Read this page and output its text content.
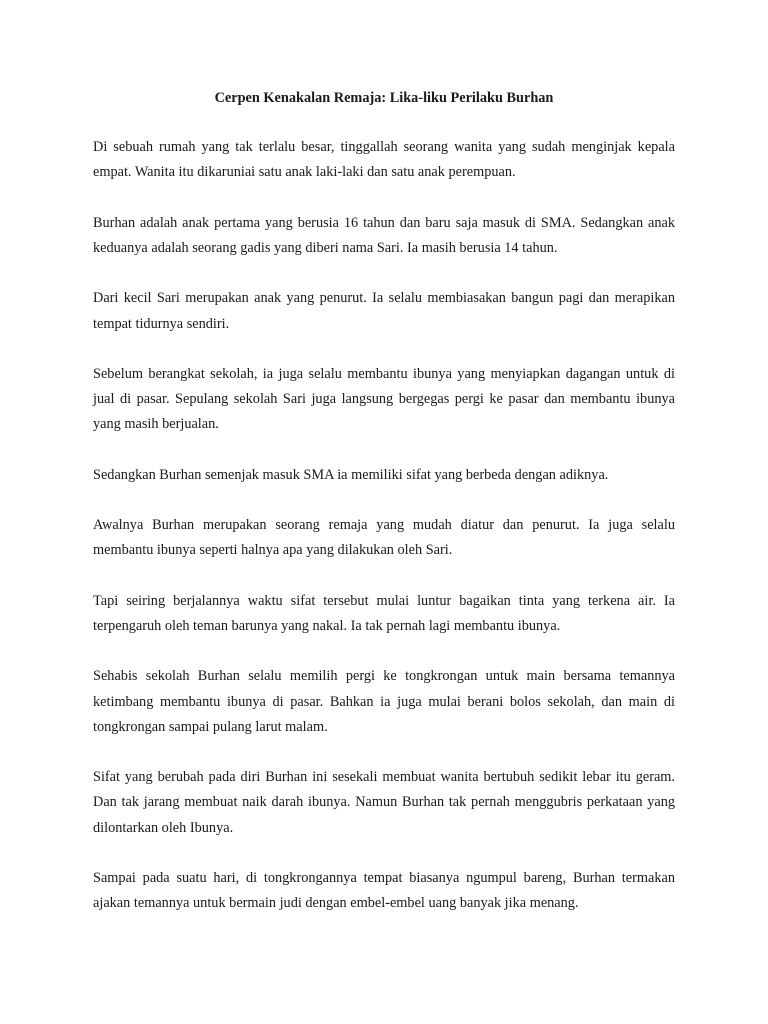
Cerpen Kenakalan Remaja: Lika-liku Perilaku Burhan

Di sebuah rumah yang tak terlalu besar, tinggallah seorang wanita yang sudah menginjak kepala empat. Wanita itu dikaruniai satu anak laki-laki dan satu anak perempuan.

Burhan adalah anak pertama yang berusia 16 tahun dan baru saja masuk di SMA. Sedangkan anak keduanya adalah seorang gadis yang diberi nama Sari. Ia masih berusia 14 tahun.

Dari kecil Sari merupakan anak yang penurut. Ia selalu membiasakan bangun pagi dan merapikan tempat tidurnya sendiri.

Sebelum berangkat sekolah, ia juga selalu membantu ibunya yang menyiapkan dagangan untuk di jual di pasar. Sepulang sekolah Sari juga langsung bergegas pergi ke pasar dan membantu ibunya yang masih berjualan.

Sedangkan Burhan semenjak masuk SMA ia memiliki sifat yang berbeda dengan adiknya.

Awalnya Burhan merupakan seorang remaja yang mudah diatur dan penurut. Ia juga selalu membantu ibunya seperti halnya apa yang dilakukan oleh Sari.

Tapi seiring berjalannya waktu sifat tersebut mulai luntur bagaikan tinta yang terkena air. Ia terpengaruh oleh teman barunya yang nakal. Ia tak pernah lagi membantu ibunya.

Sehabis sekolah Burhan selalu memilih pergi ke tongkrongan untuk main bersama temannya ketimbang membantu ibunya di pasar. Bahkan ia juga mulai berani bolos sekolah, dan main di tongkrongan sampai pulang larut malam.

Sifat yang berubah pada diri Burhan ini sesekali membuat wanita bertubuh sedikit lebar itu geram. Dan tak jarang membuat naik darah ibunya. Namun Burhan tak pernah menggubris perkataan yang dilontarkan oleh Ibunya.

Sampai pada suatu hari, di tongkrongannya tempat biasanya ngumpul bareng, Burhan termakan ajakan temannya untuk bermain judi dengan embel-embel uang banyak jika menang.
